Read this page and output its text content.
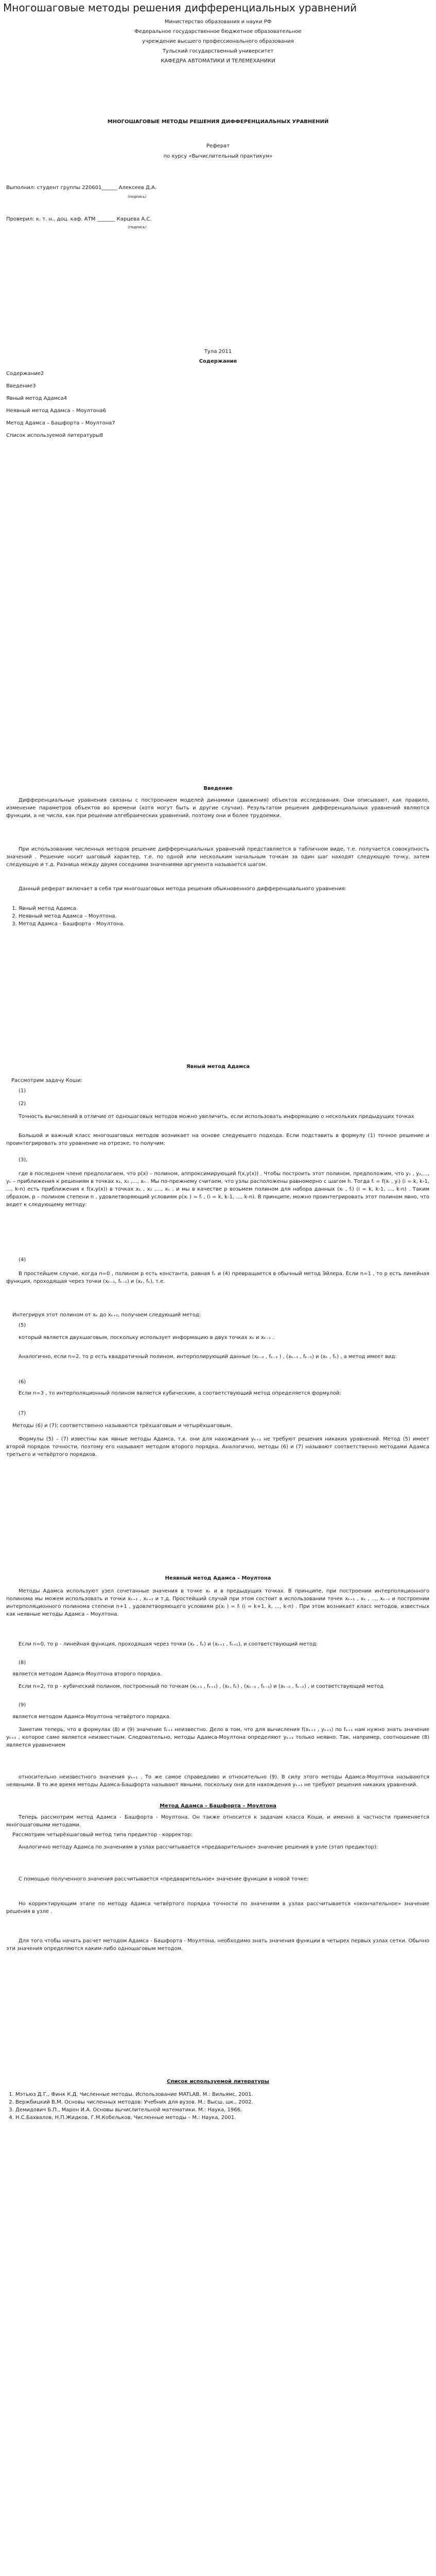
Многошаговые методы решения дифференциальных уравнений
Министерство образования и науки РФ
Федеральное государственное бюджетное образовательное
учреждение высшего профессионального образования
Тульский государственный университет
КАФЕДРА АВТОМАТИКИ И ТЕЛЕМЕХАНИКИ
МНОГОШАГОВЫЕ МЕТОДЫ РЕШЕНИЯ ДИФФЕРЕНЦИАЛЬНЫХ УРАВНЕНИЙ
Реферат
по курсу «Вычислительный практикум»
Выполнил: студент группы 220601______ Алексеев Д.А.
(подпись)
Проверил: к. т. н., доц. каф. АТМ _______ Карцева А.С.
(подпись)
Тула 2011
Содержание
Содержание2
Введение3
Явный метод Адамса4
Неявный метод Адамса – Моултона6
Метод Адамса – Башфорта – Моултона7
Список используемой литературы8
Введение
Дифференциальные уравнения связаны с построением моделей динамики (движения) объектов исследования. Они описывают, как правило, изменение параметров объектов во времени (хотя могут быть и другие случаи). Результатом решения дифференциальных уравнений являются функции, а не числа, как при решении алгебраических уравнений, поэтому они и более трудоемки.
При использовании численных методов решение дифференциальных уравнений представляется в табличном виде, т.е. получается совокупность значений . Решение носит шаговый характер, т.е. по одной или нескольким начальным точкам за один шаг находят следующую точку, затем следующую и т.д. Разница между двумя соседними значениями аргумента называется шагом.
Данный реферат включает в себя три многошаговых метода решения обыкновенного дифференциального уравнения:
1. Явный метод Адамса.
2. Неявный метод Адамса – Моултона.
3. Метод Адамса - Башфорта - Моултона.
Явный метод Адамса
Рассмотрим задачу Коши:
(1)
(2)
Точность вычислений в отличие от одношаговых методов можно увеличить, если использовать информацию о нескольких предыдущих точках
Большой и важный класс многошаговых методов возникает на основе следующего подхода. Если подставить в формулу (1) точное решение и проинтегрировать это уравнение на отрезке, то получим:
(3),
где в последнем члене предполагаем, что p(x) – полином, аппроксимирующий f(x,y(x)) . Чтобы построить этот полином, предположим, что y₁ , y₂,..., yₙ – приближения к решениям в точках x₁, x₂ ,..., xₙ . Мы по-прежнему считаем, что узлы расположены равномерно с шагом h. Тогда fᵢ = f(xᵢ , yᵢ) (i = k, k-1, ..., k-n) есть приближения к f(x,y(x)) в точках x₁ , x₂ ,..., xₙ , и мы в качестве p возьмем полином для набора данных (xᵢ , fᵢ) (i = k, k-1, ..., k-n) . Таким образом, p – полином степени n , удовлетворяющий условиям p(xᵢ ) = fᵢ , (i = k, k-1, ..., k-n). В принципе, можно проинтегрировать этот полином явно, что ведет к следующему методу:
(4)
В простейшем случае, когда n=0 , полином p есть константа, равная fₖ и (4) превращается в обычный метод Эйлера. Если n=1 , то p есть линейная функция, проходящая через точки (xₖ₋₁, fₖ₋₁) и (xₖ, fₖ), т.е.
Интегрируя этот полином от xₖ до xₖ₊₁, получаем следующий метод:
(5)
который является двухшаговым, поскольку использует информацию в двух точках xₖ и xₖ₋₁ .
Аналогично, если n=2, то p есть квадратичный полином, интерполирующий данные (xₖ₋₂ , fₖ₋₂ ) , (xₖ₋₁ , fₖ₋₁) и (xₖ , fₖ) , а метод имеет вид:
(6)
Если n=3 , то интерполяционный полином является кубическим, а соответствующий метод определяется формулой:
(7)
Методы (6) и (7); соответственно называются трёхшаговым и четырёхшаговым.
Формулы (5) – (7) известны как явные методы Адамса, т.к. они для нахождения yₖ₊₁ не требуют решения никаких уравнений. Метод (5) имеет второй порядок точности, поэтому его называют методом второго порядка. Аналогично, методы (6) и (7) называют соответственно методами Адамса третьего и четвёртого порядков.
Неявный метод Адамса – Моултона
Методы Адамса используют узел сочетанные значения в точке xₖ и в предыдущих точках. В принципе, при построении интерполяционного полинома мы можем использовать и точки xₖ₊₁ , xₖ₊₂ и т.д. Простейший случай при этом состоит в использовании точек xₖ₊₁ , xₖ , ..., xₖ₋ₙ и построении интерполяционного полинома степени n+1 , удовлетворяющего условиям p(xᵢ ) = fᵢ (i = k+1, k, ..., k-n) . При этом возникает класс методов, известных как неявные методы Адамса – Моултона.
Если n=0, то p - линейная функция, проходящая через точки (xₖ , fₖ) и (xₖ₊₁ , fₖ₊₁), и соответствующий метод:
(8)
является методом Адамса-Моултона второго порядка.
Если n=2, то p - кубический полином, построенный по точкам (xₖ₊₁ , fₖ₊₁) , (xₖ, fₖ) , (xₖ₋₁ , fₖ₋₁) и (xₖ₋₂ , fₖ₋₂) , и соответствующий метод
(9)
является методом Адамса-Моултона четвёртого порядка.
Заметим теперь, что в формулах (8) и (9) значение fₖ₊₁ неизвестно. Дело в том, что для вычисления f(xₖ₊₁ , yₖ₊₁) по fₖ₊₁ нам нужно знать значение yₖ₊₁ , которое само является неизвестным. Следовательно, методы Адамса-Моултона определяют yₖ₊₁ только неявно. Так, например, соотношение (8) является уравнением
относительно неизвестного значения yₖ₊₁ . То же самое справедливо и относительно (9). В силу этого методы Адамса-Моултона называются неявными. В то же время методы Адамса-Башфорта называют явными, поскольку они для нахождения yₖ₊₁ не требуют решения никаких уравнений.
Метод Адамса – Башфорта – Моултона
Теперь рассмотрим метод Адамса - Башфорта - Моултона. Он также относится к задачам класса Коши, и именно в частности применяется многошаговыми методами.
Рассмотрим четырёхшаговый метод типа предиктор - корректор:
Аналогично методу Адамса по значениям в узлах рассчитывается «предварительное» значение решения в узле (этап предиктор):
С помощью полученного значения рассчитывается «предварительное» значение функции в новой точке:
Но корректирующим этапе по методу Адамса четвёртого порядка точности по значениям в узлах рассчитывается «окончательное» значение решения в узле .
Для того чтобы начать расчет методом Адамса - Башфорта - Моултона, необходимо знать значения функции в четырех первых узлах сетки. Обычно эти значения определяются каким-либо одношаговым методом.
Список используемой литературы
1. Мэтьюз Д.Г., Финк К.Д. Численные методы. Использование MATLAB. М.: Вильямс, 2001.
2. Вержбицкий В.М. Основы численных методов: Учебник для вузов. М.: Высш. шк., 2002.
3. Демидович Б.П., Марон И.А. Основы вычислительной математики. М.: Наука, 1966.
4. Н.С.Бахвалов, Н.П.Жидков, Г.М.Кобельков, Численные методы – М.: Наука, 2001.
